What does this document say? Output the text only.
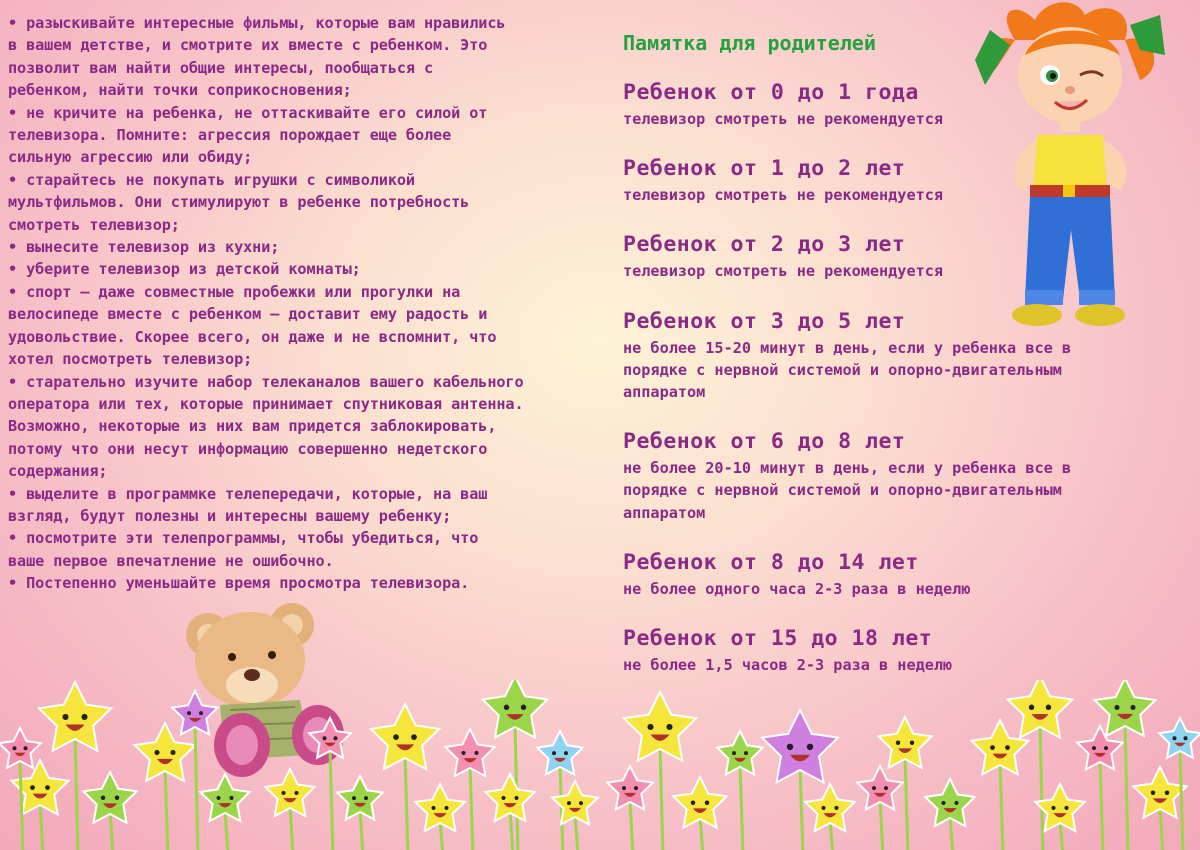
• разыскивайте интересные фильмы, которые вам нравились
в вашем детстве, и смотрите их вместе с ребенком. Это
позволит вам найти общие интересы, пообщаться с
ребенком, найти точки соприкосновения;
• не кричите на ребенка, не оттаскивайте его силой от
телевизора. Помните: агрессия порождает еще более
сильную агрессию или обиду;
• старайтесь не покупать игрушки с символикой
мультфильмов. Они стимулируют в ребенке потребность
смотреть телевизор;
• вынесите телевизор из кухни;
• уберите телевизор из детской комнаты;
• спорт — даже совместные пробежки или прогулки на
велосипеде вместе с ребенком — доставит ему радость и
удовольствие. Скорее всего, он даже и не вспомнит, что
хотел посмотреть телевизор;
• старательно изучите набор телеканалов вашего кабельного
оператора или тех, которые принимает спутниковая антенна.
Возможно, некоторые из них вам придется заблокировать,
потому что они несут информацию совершенно недетского
содержания;
• выделите в программке телепередачи, которые, на ваш
взгляд, будут полезны и интересны вашему ребенку;
• посмотрите эти телепрограммы, чтобы убедиться, что
ваше первое впечатление не ошибочно.
• Постепенно уменьшайте время просмотра телевизора.
Памятка для родителей
Ребенок от 0 до 1 года
телевизор смотреть не рекомендуется
Ребенок от 1 до 2 лет
телевизор смотреть не рекомендуется
Ребенок от 2 до 3 лет
телевизор смотреть не рекомендуется
Ребенок от 3 до 5 лет
не более 15-20 минут в день, если у ребенка все в
порядке с нервной системой и опорно-двигательным
аппаратом
Ребенок от 6 до 8 лет
не более 20-10 минут в день, если у ребенка все в
порядке с нервной системой и опорно-двигательным
аппаратом
Ребенок от 8 до 14 лет
не более одного часа 2-3 раза в неделю
Ребенок от 15 до 18 лет
не более 1,5 часов 2-3 раза в неделю
